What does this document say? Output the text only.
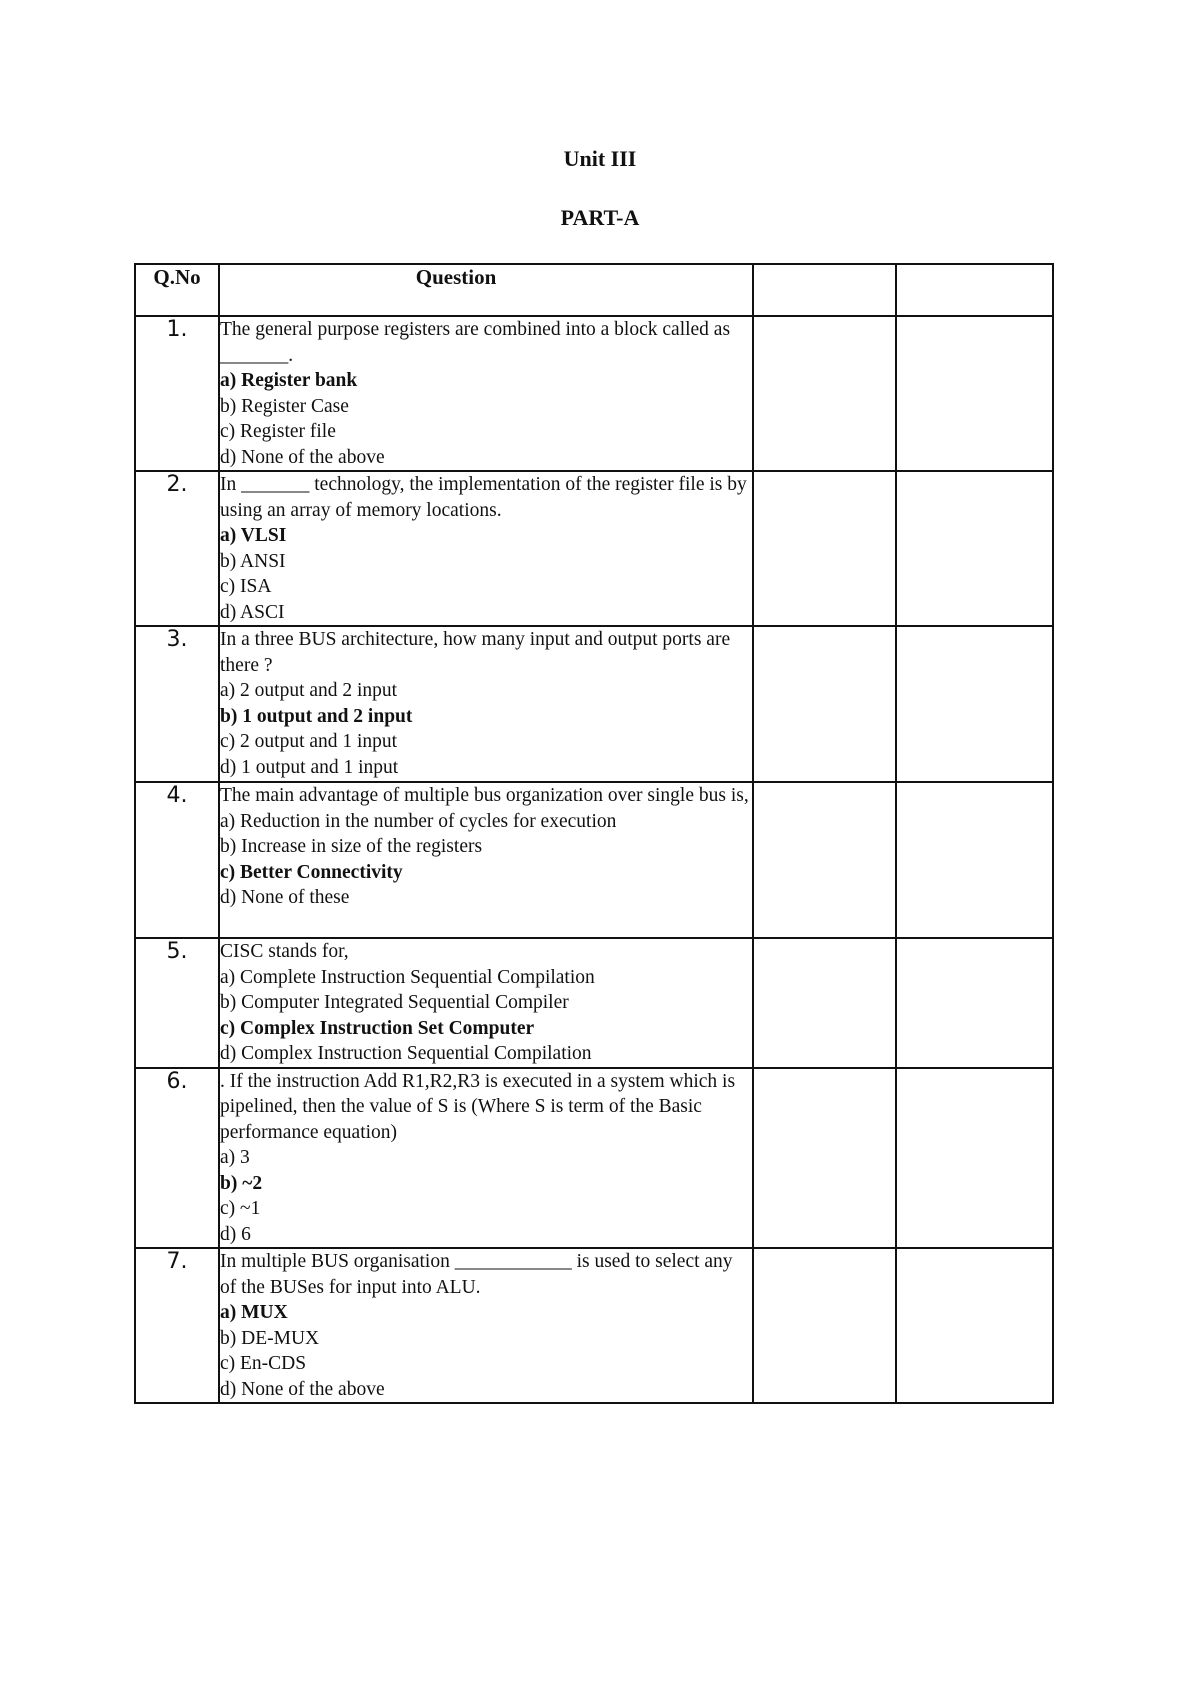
Unit III
PART-A
Q.No	Question		
1.	The general purpose registers are combined into a block called as _______.

a) Register bank
b) Register Case
c) Register file
d) None of the above		

2.	In _______ technology, the implementation of the register file is by using an array of memory locations.

a) VLSI
b) ANSI
c) ISA
d) ASCI		

3.	In a three BUS architecture, how many input and output ports are there ?

a) 2 output and 2 input
b) 1 output and 2 input
c) 2 output and 1 input
d) 1 output and 1 input		

4.	The main advantage of multiple bus organization over single bus is,

a) Reduction in the number of cycles for execution
b) Increase in size of the registers
c) Better Connectivity
d) None of these		

5.	CISC stands for,

a) Complete Instruction Sequential Compilation
b) Computer Integrated Sequential Compiler
c) Complex Instruction Set Computer
d) Complex Instruction Sequential Compilation		

6.	. If the instruction Add R1,R2,R3 is executed in a system which is pipelined, then the value of S is (Where S is term of the Basic performance equation)

a) 3
b) ~2
c) ~1
d) 6		

7.	In multiple BUS organisation ____________ is used to select any of the BUSes for input into ALU.

a) MUX
b) DE-MUX
c) En-CDS
d) None of the above		
